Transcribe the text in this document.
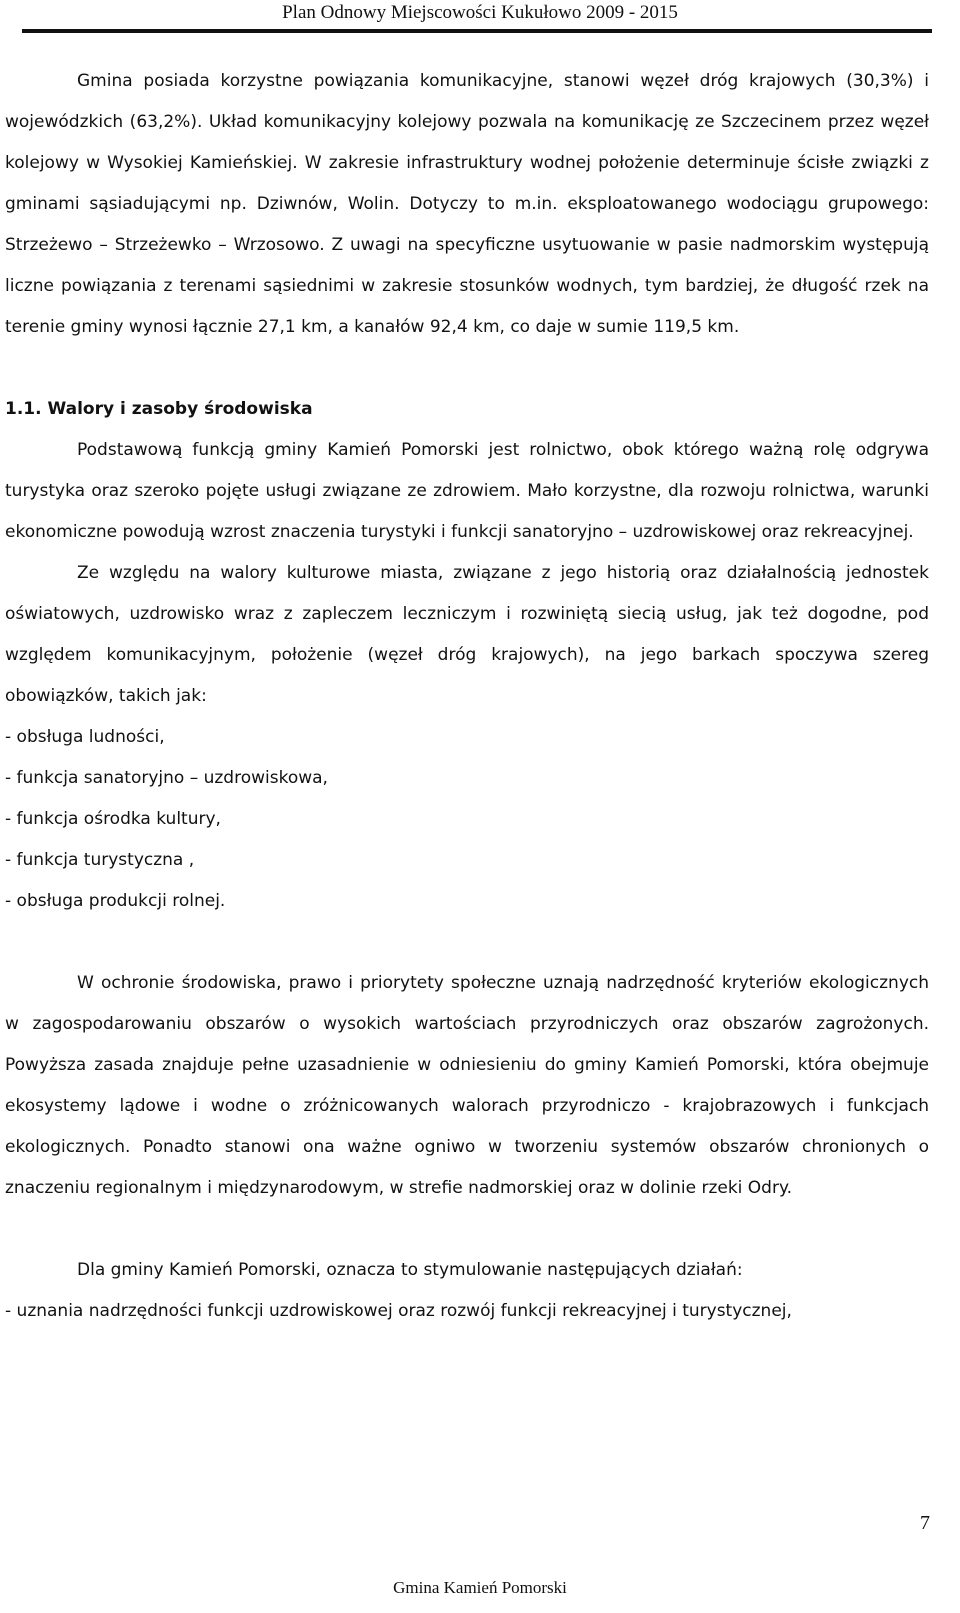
Plan Odnowy Miejscowości Kukułowo 2009 - 2015

Gmina posiada korzystne powiązania komunikacyjne, stanowi węzeł dróg krajowych (30,3%) i wojewódzkich (63,2%). Układ komunikacyjny kolejowy pozwala na komunikację ze Szczecinem przez węzeł kolejowy w Wysokiej Kamieńskiej. W zakresie infrastruktury wodnej położenie determinuje ścisłe związki z gminami sąsiadującymi np. Dziwnów, Wolin. Dotyczy to m.in. eksploatowanego wodociągu grupowego: Strzeżewo – Strzeżewko – Wrzosowo. Z uwagi na specyficzne usytuowanie w pasie nadmorskim występują liczne powiązania z terenami sąsiednimi w zakresie stosunków wodnych, tym bardziej, że długość rzek na terenie gminy wynosi łącznie 27,1 km, a kanałów 92,4 km, co daje w sumie 119,5 km.

1.1. Walory i zasoby środowiska

Podstawową funkcją gminy Kamień Pomorski jest rolnictwo, obok którego ważną rolę odgrywa turystyka oraz szeroko pojęte usługi związane ze zdrowiem. Mało korzystne, dla rozwoju rolnictwa, warunki ekonomiczne powodują wzrost znaczenia turystyki i funkcji sanatoryjno – uzdrowiskowej oraz rekreacyjnej.

Ze względu na walory kulturowe miasta, związane z jego historią oraz działalnością jednostek oświatowych, uzdrowisko wraz z zapleczem leczniczym i rozwiniętą siecią usług, jak też dogodne, pod względem komunikacyjnym, położenie (węzeł dróg krajowych), na jego barkach spoczywa szereg obowiązków, takich jak:

- obsługa ludności,

- funkcja sanatoryjno – uzdrowiskowa,

- funkcja ośrodka kultury,

- funkcja turystyczna ,

- obsługa produkcji rolnej.

W ochronie środowiska, prawo i priorytety społeczne uznają nadrzędność kryteriów ekologicznych w zagospodarowaniu obszarów o wysokich wartościach przyrodniczych oraz obszarów zagrożonych. Powyższa zasada znajduje pełne uzasadnienie w odniesieniu do gminy Kamień Pomorski, która obejmuje ekosystemy lądowe i wodne o zróżnicowanych walorach przyrodniczo - krajobrazowych i funkcjach ekologicznych. Ponadto stanowi ona ważne ogniwo w tworzeniu systemów obszarów chronionych o znaczeniu regionalnym i międzynarodowym, w strefie nadmorskiej oraz w dolinie rzeki Odry.

Dla gminy Kamień Pomorski, oznacza to stymulowanie następujących działań:

- uznania nadrzędności funkcji uzdrowiskowej oraz rozwój funkcji rekreacyjnej i turystycznej,

7
Gmina Kamień Pomorski
